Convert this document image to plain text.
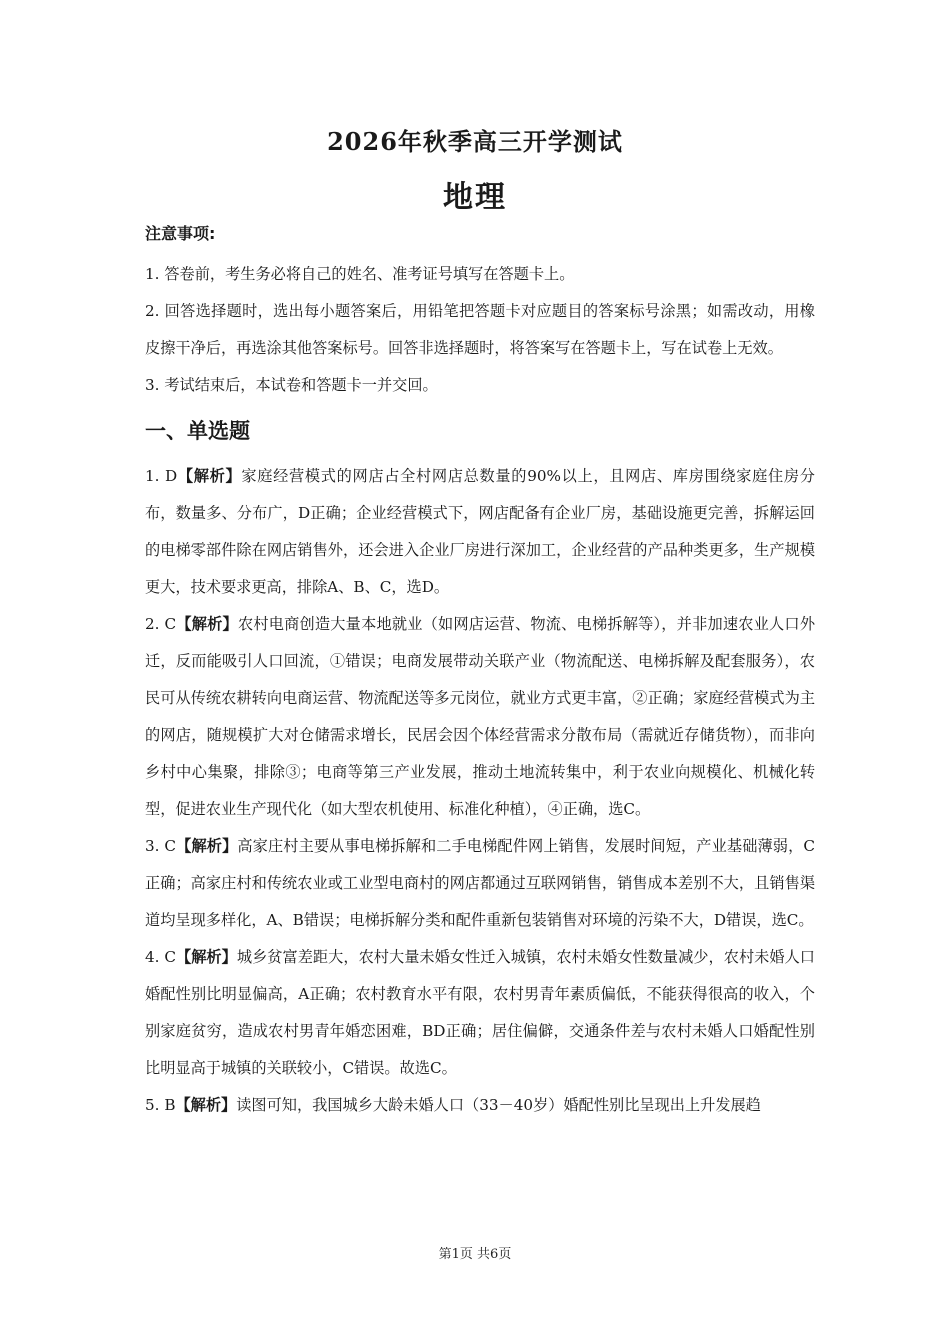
2026年秋季高三开学测试
地理

注意事项:

1. 答卷前，考生务必将自己的姓名、准考证号填写在答题卡上。

2. 回答选择题时，选出每小题答案后，用铅笔把答题卡对应题目的答案标号涂黑；如需改动，用橡皮擦干净后，再选涂其他答案标号。回答非选择题时，将答案写在答题卡上，写在试卷上无效。

3. 考试结束后，本试卷和答题卡一并交回。

一、单选题

1. D【解析】家庭经营模式的网店占全村网店总数量的90%以上，且网店、库房围绕家庭住房分布，数量多、分布广，D正确；企业经营模式下，网店配备有企业厂房，基础设施更完善，拆解运回的电梯零部件除在网店销售外，还会进入企业厂房进行深加工，企业经营的产品种类更多，生产规模更大，技术要求更高，排除A、B、C，选D。

2. C【解析】农村电商创造大量本地就业（如网店运营、物流、电梯拆解等），并非加速农业人口外迁，反而能吸引人口回流，①错误；电商发展带动关联产业（物流配送、电梯拆解及配套服务），农民可从传统农耕转向电商运营、物流配送等多元岗位，就业方式更丰富，②正确；家庭经营模式为主的网店，随规模扩大对仓储需求增长，民居会因个体经营需求分散布局（需就近存储货物），而非向乡村中心集聚，排除③；电商等第三产业发展，推动土地流转集中，利于农业向规模化、机械化转型，促进农业生产现代化（如大型农机使用、标准化种植），④正确，选C。

3. C【解析】高家庄村主要从事电梯拆解和二手电梯配件网上销售，发展时间短，产业基础薄弱，C正确；高家庄村和传统农业或工业型电商村的网店都通过互联网销售，销售成本差别不大，且销售渠道均呈现多样化，A、B错误；电梯拆解分类和配件重新包装销售对环境的污染不大，D错误，选C。

4. C【解析】城乡贫富差距大，农村大量未婚女性迁入城镇，农村未婚女性数量减少，农村未婚人口婚配性别比明显偏高，A正确；农村教育水平有限，农村男青年素质偏低，不能获得很高的收入，个别家庭贫穷，造成农村男青年婚恋困难，BD正确；居住偏僻，交通条件差与农村未婚人口婚配性别比明显高于城镇的关联较小，C错误。故选C。

5. B【解析】读图可知，我国城乡大龄未婚人口（33－40岁）婚配性别比呈现出上升发展趋

第1页 共6页
